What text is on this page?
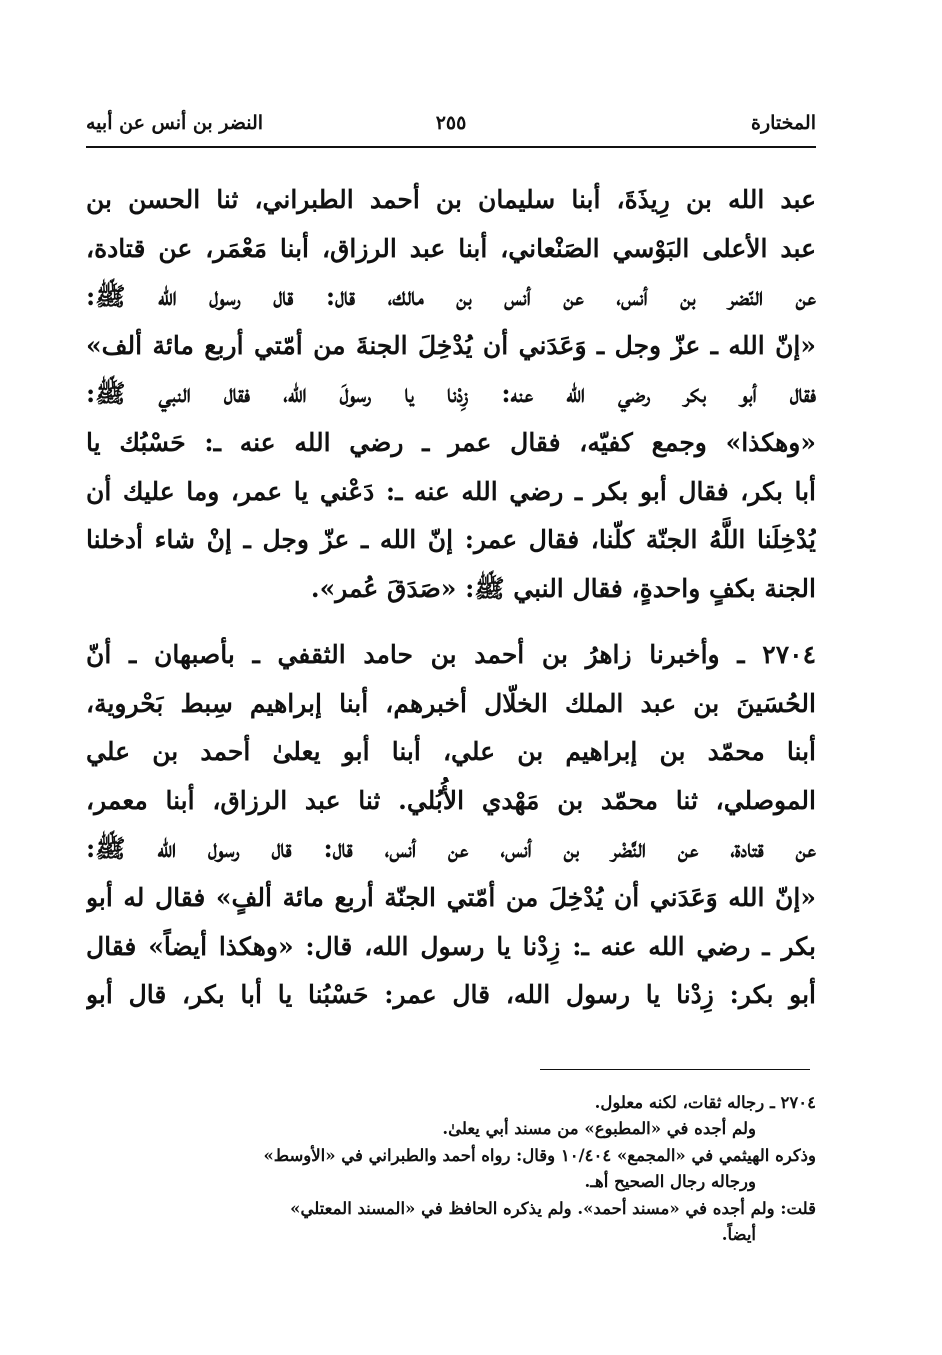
المختارة
٢٥٥
النضر بن أنس عن أبيه
عبد الله بن رِيذَةَ، أبنا سليمان بن أحمد الطبراني، ثنا الحسن بن
عبد الأعلى البَوْسي الصَنْعاني، أبنا عبد الرزاق، أبنا مَعْمَر، عن قتادة،
عن النّضر بن أنس، عن أنس بن مالك، قال: قال رسول الله ﷺ:
«إنّ الله ـ عزّ وجل ـ وَعَدَني أن يُدْخِلَ الجنةَ من أمّتي أربع مائة ألف»
فقال أبو بكر رضي الله عنه: زِدْنا يا رسولَ الله، فقال النبي ﷺ:
«وهكذا» وجمع كفيّه، فقال عمر ـ رضي الله عنه ـ: حَسْبُك يا
أبا بكر، فقال أبو بكر ـ رضي الله عنه ـ: دَعْني يا عمر، وما عليك أن
يُدْخِلَنا اللَّهُ الجنّة كلّنا، فقال عمر: إنّ الله ـ عزّ وجل ـ إنْ شاء أدخلنا
الجنة بكفٍ واحدةٍ، فقال النبي ﷺ: «صَدَقَ عُمر».
٢٧٠٤ ـ وأخبرنا زاهرُ بن أحمد بن حامد الثقفي ـ بأصبهان ـ أنّ
الحُسَينَ بن عبد الملك الخلّال أخبرهم، أبنا إبراهيم سِبط بَحْروية،
أبنا محمّد بن إبراهيم بن علي، أبنا أبو يعلىٰ أحمد بن علي
الموصلي، ثنا محمّد بن مَهْدي الأُبُلي. ثنا عبد الرزاق، أبنا معمر،
عن قتادة، عن النَّضْر بن أنس، عن أنس، قال: قال رسول الله ﷺ:
«إنّ الله وَعَدَني أن يُدْخِلَ من أمّتي الجنّة أربع مائة ألفٍ» فقال له أبو
بكر ـ رضي الله عنه ـ: زِدْنا يا رسول الله، قال: «وهكذا أيضاً» فقال
أبو بكر: زِدْنا يا رسول الله، قال عمر: حَسْبُنا يا أبا بكر، قال أبو
٢٧٠٤ ـ رجاله ثقات، لكنه معلول.
ولم أجده في «المطبوع» من مسند أبي يعلىٰ.
وذكره الهيثمي في «المجمع» ١٠/٤٠٤ وقال: رواه أحمد والطبراني في «الأوسط»
ورجاله رجال الصحيح أهـ.
قلت: ولم أجده في «مسند أحمد». ولم يذكره الحافظ في «المسند المعتلي»
أيضاً.
